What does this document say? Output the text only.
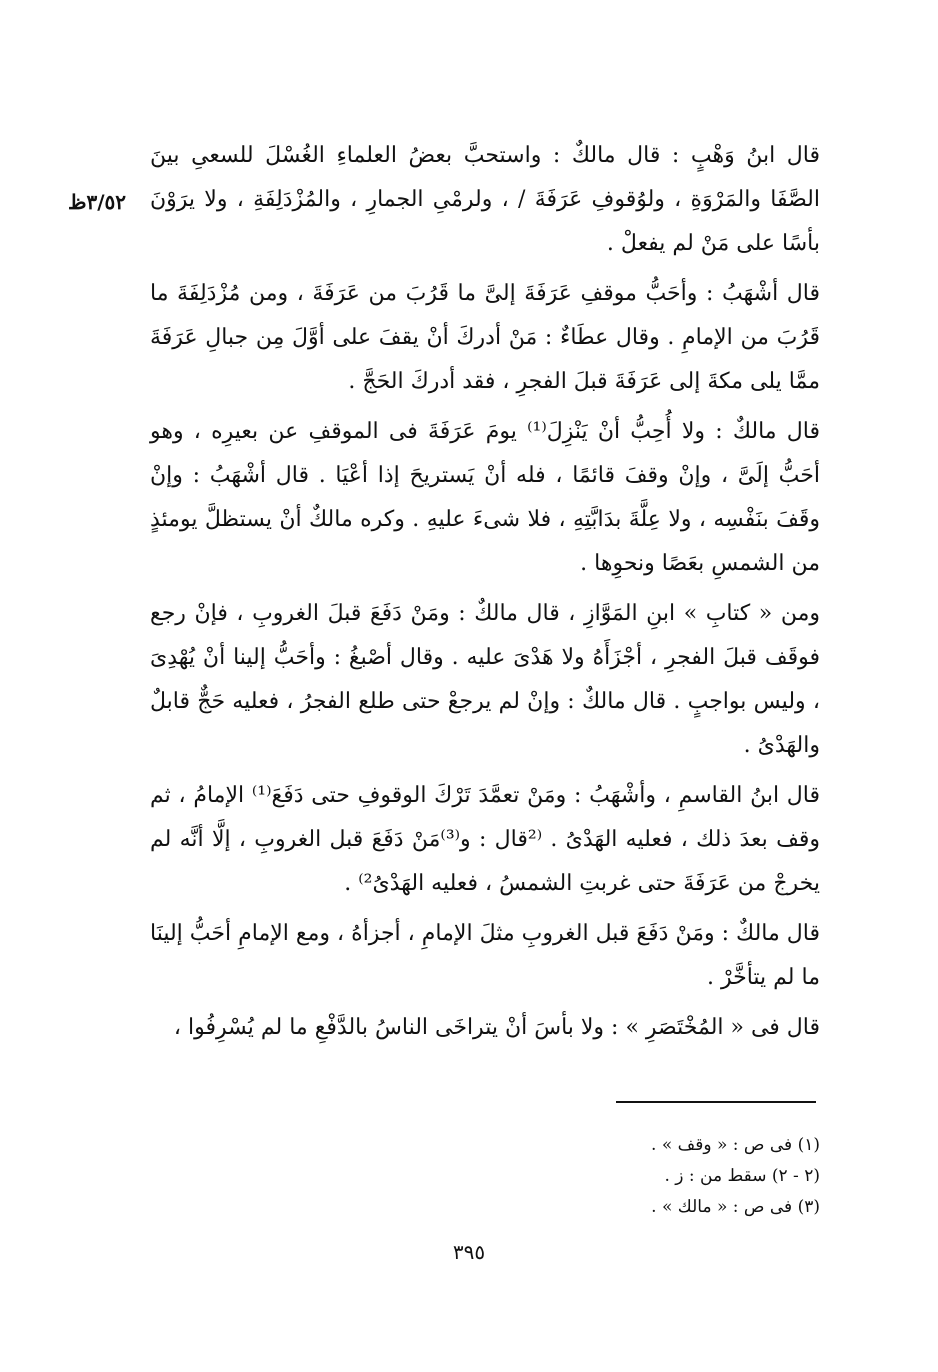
٣/٥٢ظ

قال ابنُ وَهْبٍ : قال مالكٌ : واستحبَّ بعضُ العلماءِ الغُسْلَ للسعىِ بينَ الصَّفَا والمَرْوَةِ ، ولوُقوفِ عَرَفَةَ / ، ولرمْىِ الجمارِ ، والمُزْدَلِفَةِ ، ولا يرَوْنَ بأسًا على مَنْ لم يفعلْ .

قال أشْهَبُ : وأحَبُّ موقفِ عَرَفَةَ إلىَّ ما قَرُبَ من عَرَفَةَ ، ومن مُزْدَلِفَةَ ما قَرُبَ من الإمامِ . وقال عطَاءٌ : مَنْ أدركَ أنْ يقفَ على أوَّلَ مِن جبالِ عَرَفَةَ ممَّا يلى مكةَ إلى عَرَفَةَ قبلَ الفجرِ ، فقد أدركَ الحَجَّ .

قال مالكٌ : ولا أُحِبُّ أنْ يَنْزِلَ⁽¹⁾ يومَ عَرَفَةَ فى الموقفِ عن بعيرِه ، وهو أحَبُّ إلَىَّ ، وإنْ وقفَ قائمًا ، فله أنْ يَستريحَ إذا أعْيَا . قال أشْهَبُ : وإنْ وقَفَ بنَفْسِه ، ولا عِلَّةَ بدَابَّتِهِ ، فلا شىءَ عليهِ . وكره مالكٌ أنْ يستظلَّ يومئذٍ من الشمسِ بعَصًا ونحوِها .

ومن « كتابِ » ابنِ المَوَّازِ ، قال مالكٌ : ومَنْ دَفَعَ قبلَ الغروبِ ، فإنْ رجع فوقَف قبلَ الفجرِ ، أجْزَأَهُ ولا هَدْىَ عليه . وقال أصْبغُ : وأحَبُّ إلينا أنْ يُهْدِىَ ، وليس بواجبٍ . قال مالكٌ : وإنْ لم يرجعْ حتى طلع الفجرُ ، فعليه حَجٌّ قابلٌ والهَدْىُ .

قال ابنُ القاسمِ ، وأشْهَبُ : ومَنْ تعمَّدَ تَرْكَ الوقوفِ حتى دَفَعَ⁽¹⁾ الإمامُ ، ثم وقف بعدَ ذلك ، فعليه الهَدْىُ . ⁽²قال : و⁽³⁾مَنْ دَفَعَ قبل الغروبِ ، إلَّا أنَّه لم يخرجْ من عَرَفَةَ حتى غربتِ الشمسُ ، فعليه الهَدْىُ²⁾ .

قال مالكٌ : ومَنْ دَفَعَ قبل الغروبِ مثلَ الإمامِ ، أجزأهُ ، ومع الإمامِ أحَبُّ إلينَا ما لم يتأخَّرْ .

قال فى « المُخْتَصَرِ » : ولا بأسَ أنْ يتراخَى الناسُ بالدَّفْعِ ما لم يُسْرِفُوا ،

(١) فى ص : « وقف » .
(٢ - ٢) سقط من : ز .
(٣) فى ص : « مالك » .
٣٩٥
